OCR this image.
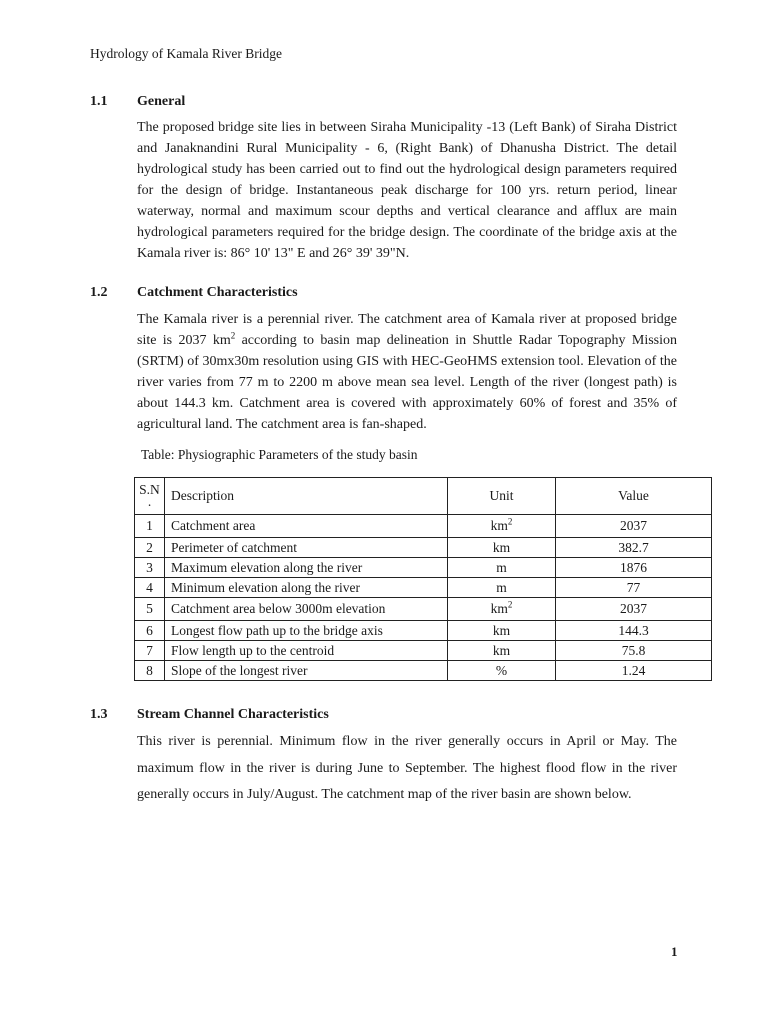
Hydrology of Kamala River Bridge
1.1 General

The proposed bridge site lies in between Siraha Municipality -13 (Left Bank) of Siraha District and Janaknandini Rural Municipality - 6, (Right Bank) of Dhanusha District. The detail hydrological study has been carried out to find out the hydrological design parameters required for the design of bridge. Instantaneous peak discharge for 100 yrs. return period, linear waterway, normal and maximum scour depths and vertical clearance and afflux are main hydrological parameters required for the bridge design. The coordinate of the bridge axis at the Kamala river is: 86° 10' 13" E and 26° 39' 39"N.

1.2 Catchment Characteristics

The Kamala river is a perennial river. The catchment area of Kamala river at proposed bridge site is 2037 $km^2$ according to basin map delineation in Shuttle Radar Topography Mission (SRTM) of 30mx30m resolution using GIS with HEC-GeoHMS extension tool. Elevation of the river varies from 77 m to 2200 m above mean sea level. Length of the river (longest path) is about 144.3 km. Catchment area is covered with approximately 60% of forest and 35% of agricultural land. The catchment area is fan-shaped.

Table: Physiographic Parameters of the study basin
S.N
.	Description	Unit	Value
1	Catchment area	$km^2$	2037
2	Perimeter of catchment	km	382.7
3	Maximum elevation along the river	m	1876
4	Minimum elevation along the river	m	77
5	Catchment area below 3000m elevation	$km^2$	2037
6	Longest flow path up to the bridge axis	km	144.3
7	Flow length up to the centroid	km	75.8
8	Slope of the longest river	%	1.24
1.3 Stream Channel Characteristics

This river is perennial. Minimum flow in the river generally occurs in April or May. The maximum flow in the river is during June to September. The highest flood flow in the river generally occurs in July/August. The catchment map of the river basin are shown below.

1
